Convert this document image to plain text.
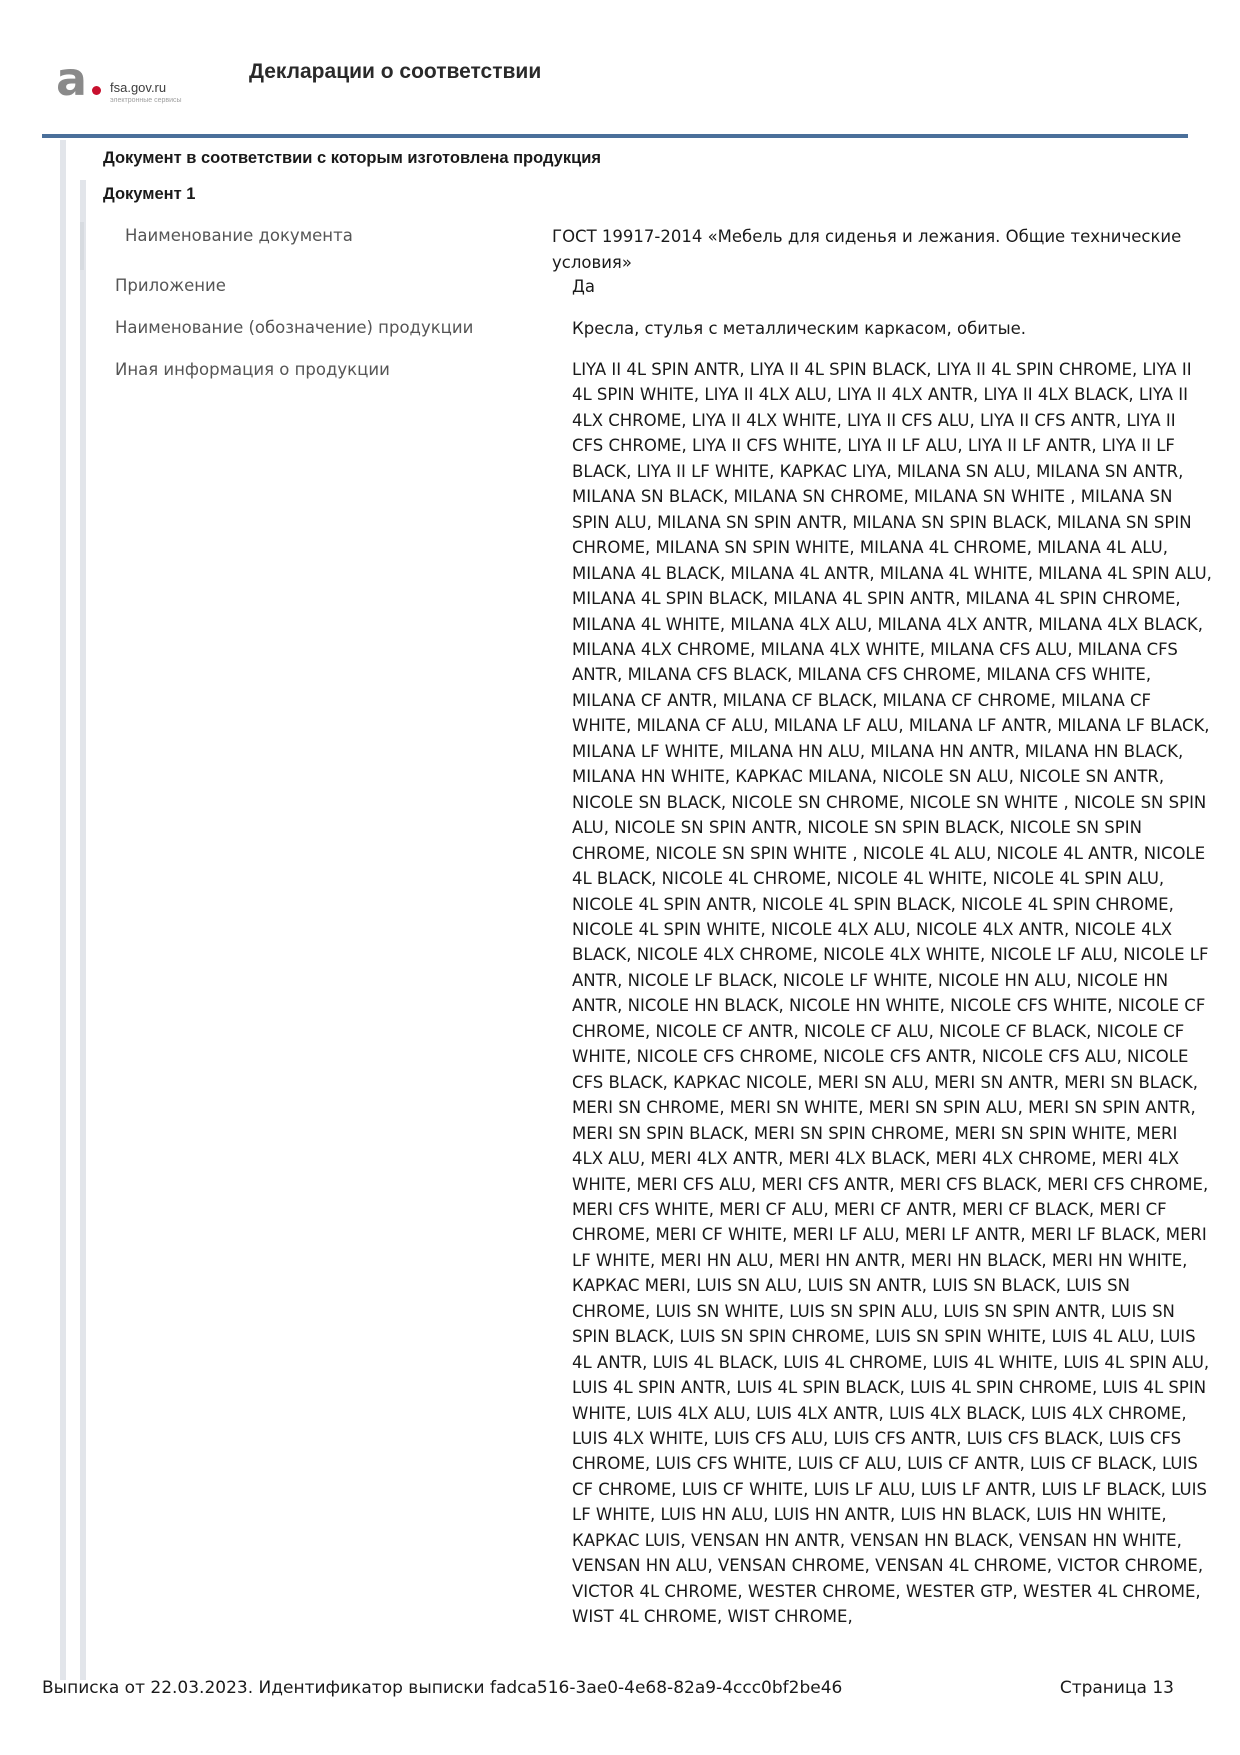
a fsa.gov.ru
электронные сервисы
Декларации о соответствии
Документ в соответствии с которым изготовлена продукция
Документ 1
Наименование документа	ГОСТ 19917-2014 «Мебель для сиденья и лежания. Общие технические условия»
Приложение	Да
Наименование (обозначение) продукции	Кресла, стулья с металлическим каркасом, обитые.
Иная информация о продукции	LIYA II 4L SPIN ANTR, LIYA II 4L SPIN BLACK, LIYA II 4L SPIN CHROME, LIYA II 4L SPIN WHITE, LIYA II 4LX ALU, LIYA II 4LX ANTR, LIYA II 4LX BLACK, LIYA II 4LX CHROME, LIYA II 4LX WHITE, LIYA II CFS ALU, LIYA II CFS ANTR, LIYA II CFS CHROME, LIYA II CFS WHITE, LIYA II LF ALU, LIYA II LF ANTR, LIYA II LF BLACK, LIYA II LF WHITE, КАРКАС LIYA, MILANA SN ALU, MILANA SN ANTR, MILANA SN BLACK, MILANA SN CHROME, MILANA SN WHITE , MILANA SN SPIN ALU, MILANA SN SPIN ANTR, MILANA SN SPIN BLACK, MILANA SN SPIN CHROME, MILANA SN SPIN WHITE, MILANA 4L CHROME, MILANA 4L ALU, MILANA 4L BLACK, MILANA 4L ANTR, MILANA 4L WHITE, MILANA 4L SPIN ALU, MILANA 4L SPIN BLACK, MILANA 4L SPIN ANTR, MILANA 4L SPIN CHROME, MILANA 4L WHITE, MILANA 4LX ALU, MILANA 4LX ANTR, MILANA 4LX BLACK, MILANA 4LX CHROME, MILANA 4LX WHITE, MILANA CFS ALU, MILANA CFS ANTR, MILANA CFS BLACK, MILANA CFS CHROME, MILANA CFS WHITE, MILANA CF ANTR, MILANA CF BLACK, MILANA CF CHROME, MILANA CF WHITE, MILANA CF ALU, MILANA LF ALU, MILANA LF ANTR, MILANA LF BLACK, MILANA LF WHITE, MILANA HN ALU, MILANA HN ANTR, MILANA HN BLACK, MILANA HN WHITE, КАРКАС MILANA, NICOLE SN ALU, NICOLE SN ANTR, NICOLE SN BLACK, NICOLE SN CHROME, NICOLE SN WHITE , NICOLE SN SPIN ALU, NICOLE SN SPIN ANTR, NICOLE SN SPIN BLACK, NICOLE SN SPIN CHROME, NICOLE SN SPIN WHITE , NICOLE 4L ALU, NICOLE 4L ANTR, NICOLE 4L BLACK, NICOLE 4L CHROME, NICOLE 4L WHITE, NICOLE 4L SPIN ALU, NICOLE 4L SPIN ANTR, NICOLE 4L SPIN BLACK, NICOLE 4L SPIN CHROME, NICOLE 4L SPIN WHITE, NICOLE 4LX ALU, NICOLE 4LX ANTR, NICOLE 4LX BLACK, NICOLE 4LX CHROME, NICOLE 4LX WHITE, NICOLE LF ALU, NICOLE LF ANTR, NICOLE LF BLACK, NICOLE LF WHITE, NICOLE HN ALU, NICOLE HN ANTR, NICOLE HN BLACK, NICOLE HN WHITE, NICOLE CFS WHITE, NICOLE CF CHROME, NICOLE CF ANTR, NICOLE CF ALU, NICOLE CF BLACK, NICOLE CF WHITE, NICOLE CFS CHROME, NICOLE CFS ANTR, NICOLE CFS ALU, NICOLE CFS BLACK, КАРКАС NICOLE, MERI SN ALU, MERI SN ANTR, MERI SN BLACK, MERI SN CHROME, MERI SN WHITE, MERI SN SPIN ALU, MERI SN SPIN ANTR, MERI SN SPIN BLACK, MERI SN SPIN CHROME, MERI SN SPIN WHITE, MERI 4LX ALU, MERI 4LX ANTR, MERI 4LX BLACK, MERI 4LX CHROME, MERI 4LX WHITE, MERI CFS ALU, MERI CFS ANTR, MERI CFS BLACK, MERI CFS CHROME, MERI CFS WHITE, MERI CF ALU, MERI CF ANTR, MERI CF BLACK, MERI CF CHROME, MERI CF WHITE, MERI LF ALU, MERI LF ANTR, MERI LF BLACK, MERI LF WHITE, MERI HN ALU, MERI HN ANTR, MERI HN BLACK, MERI HN WHITE, КАРКАС MERI, LUIS SN ALU, LUIS SN ANTR, LUIS SN BLACK, LUIS SN CHROME, LUIS SN WHITE, LUIS SN SPIN ALU, LUIS SN SPIN ANTR, LUIS SN SPIN BLACK, LUIS SN SPIN CHROME, LUIS SN SPIN WHITE, LUIS 4L ALU, LUIS 4L ANTR, LUIS 4L BLACK, LUIS 4L CHROME, LUIS 4L WHITE, LUIS 4L SPIN ALU, LUIS 4L SPIN ANTR, LUIS 4L SPIN BLACK, LUIS 4L SPIN CHROME, LUIS 4L SPIN WHITE, LUIS 4LX ALU, LUIS 4LX ANTR, LUIS 4LX BLACK, LUIS 4LX CHROME, LUIS 4LX WHITE, LUIS CFS ALU, LUIS CFS ANTR, LUIS CFS BLACK, LUIS CFS CHROME, LUIS CFS WHITE, LUIS CF ALU, LUIS CF ANTR, LUIS CF BLACK, LUIS CF CHROME, LUIS CF WHITE, LUIS LF ALU, LUIS LF ANTR, LUIS LF BLACK, LUIS LF WHITE, LUIS HN ALU, LUIS HN ANTR, LUIS HN BLACK, LUIS HN WHITE, КАРКАС LUIS, VENSAN HN ANTR, VENSAN HN BLACK, VENSAN HN WHITE, VENSAN HN ALU, VENSAN CHROME, VENSAN 4L CHROME, VICTOR CHROME, VICTOR 4L CHROME, WESTER CHROME, WESTER GTP, WESTER 4L CHROME, WIST 4L CHROME, WIST CHROME,
Выписка от 22.03.2023. Идентификатор выписки fadca516-3ae0-4e68-82a9-4ccc0bf2be46	Страница 13
